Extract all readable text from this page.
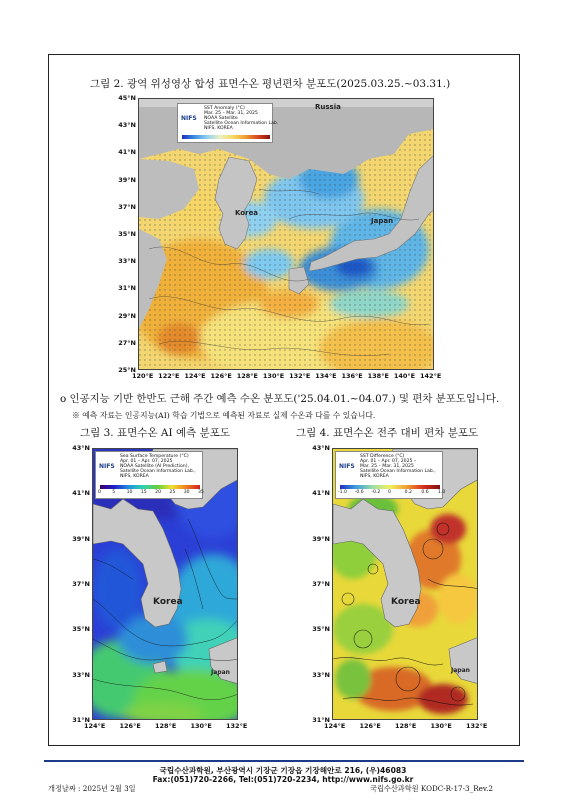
그림 2. 광역 위성영상 합성 표면수온 평년편차 분포도(2025.03.25.~03.31.)
Russia
Korea
Japan
NIFS
SST Anomaly (°C)
Mar. 25 – Mar. 31, 2025
NOAA Satellite
Satellite Ocean Information Lab.
NIFS, KOREA
45°N
43°N
41°N
39°N
37°N
35°N
33°N
31°N
29°N
27°N
25°N
120°E 122°E 124°E 126°E 128°E 130°E 132°E 134°E 136°E 138°E 140°E 142°E
o 인공지능 기반 한반도 근해 주간 예측 수온 분포도('25.04.01.~04.07.) 및 편차 분포도입니다.
※ 예측 자료는 인공지능(AI) 학습 기법으로 예측된 자료로 실제 수온과 다를 수 있습니다.
그림 3. 표면수온 AI 예측 분포도
Korea
Japan
NIFS
Sea Surface Temperature (°C)
Apr. 01 – Apr. 07, 2025
NOAA Satellite (AI Prediction),
Satellite Ocean Information Lab.,
NIFS, KOREA
0 5 10 15 20 25 30 35
43°N
41°N
39°N
37°N
35°N
33°N
31°N
124°E 126°E 128°E 130°E 132°E
그림 4. 표면수온 전주 대비 편차 분포도
Korea
Japan
NIFS
SST Difference (°C)
Apr. 01 – Apr. 07, 2025 –
Mar. 25 – Mar. 31, 2025
Satellite Ocean Information Lab.,
NIFS, KOREA
-1.0 -0.6 -0.2 0	0.2 0.6 1.0
43°N
41°N
39°N
37°N
35°N
33°N
31°N
124°E 126°E 128°E 130°E 132°E
국립수산과학원, 부산광역시 기장군 기장읍 기장해안로 216, (우)46083
Fax:(051)720-2266, Tel:(051)720-2234, http://www.nifs.go.kr
개정날짜 : 2025년 2월 3일	국립수산과학원 KODC-R-17-3_Rev.2
